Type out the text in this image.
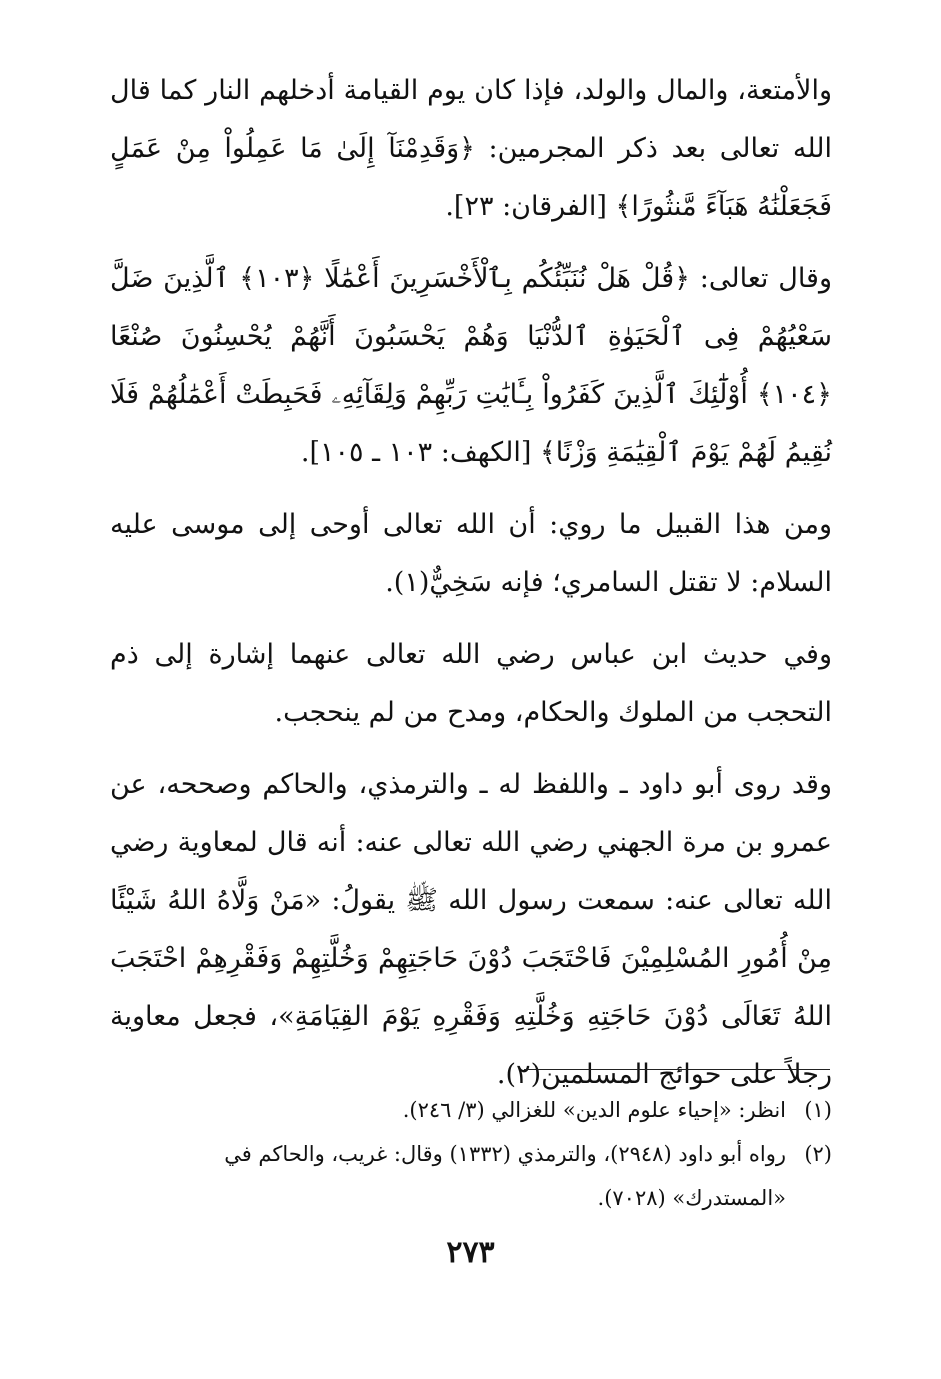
والأمتعة، والمال والولد، فإذا كان يوم القيامة أدخلهم النار كما قال الله تعالى بعد ذكر المجرمين: ﴿وَقَدِمْنَآ إِلَىٰ مَا عَمِلُواْ مِنْ عَمَلٍ فَجَعَلْنَٰهُ هَبَآءً مَّنثُورًا﴾ [الفرقان: ٢٣].

وقال تعالى: ﴿قُلْ هَلْ نُنَبِّئُكُم بِٱلْأَخْسَرِينَ أَعْمَٰلًا ﴿١٠٣﴾ ٱلَّذِينَ ضَلَّ سَعْيُهُمْ فِى ٱلْحَيَوٰةِ ٱلدُّنْيَا وَهُمْ يَحْسَبُونَ أَنَّهُمْ يُحْسِنُونَ صُنْعًا ﴿١٠٤﴾ أُوْلَٰٓئِكَ ٱلَّذِينَ كَفَرُواْ بِـَٔايَٰتِ رَبِّهِمْ وَلِقَآئِهِۦ فَحَبِطَتْ أَعْمَٰلُهُمْ فَلَا نُقِيمُ لَهُمْ يَوْمَ ٱلْقِيَٰمَةِ وَزْنًا﴾ [الكهف: ١٠٣ ـ ١٠٥].

ومن هذا القبيل ما روي: أن الله تعالى أوحى إلى موسى عليه السلام: لا تقتل السامري؛ فإنه سَخِيٌّ(١).

وفي حديث ابن عباس رضي الله تعالى عنهما إشارة إلى ذم التحجب من الملوك والحكام، ومدح من لم ينحجب.

وقد روى أبو داود ـ واللفظ له ـ والترمذي، والحاكم وصححه، عن عمرو بن مرة الجهني رضي الله تعالى عنه: أنه قال لمعاوية رضي الله تعالى عنه: سمعت رسول الله ﷺ يقولُ: «مَنْ وَلَّاهُ اللهُ شَيْئًا مِنْ أُمُورِ المُسْلِمِيْنَ فَاحْتَجَبَ دُوْنَ حَاجَتِهِمْ وَخُلَّتِهِمْ وَفَقْرِهِمْ احْتَجَبَ اللهُ تَعَالَى دُوْنَ حَاجَتِهِ وَخُلَّتِهِ وَفَقْرِهِ يَوْمَ القِيَامَةِ»، فجعل معاوية رجلاً على حوائج المسلمين(٢).

( ١ )
انظر: «إحياء علوم الدين» للغزالي (٣/ ٢٤٦).

( ٢ )
رواه أبو داود (٢٩٤٨)، والترمذي (١٣٣٢) وقال: غريب، والحاكم في «المستدرك» (٧٠٢٨).

٢٧٣
